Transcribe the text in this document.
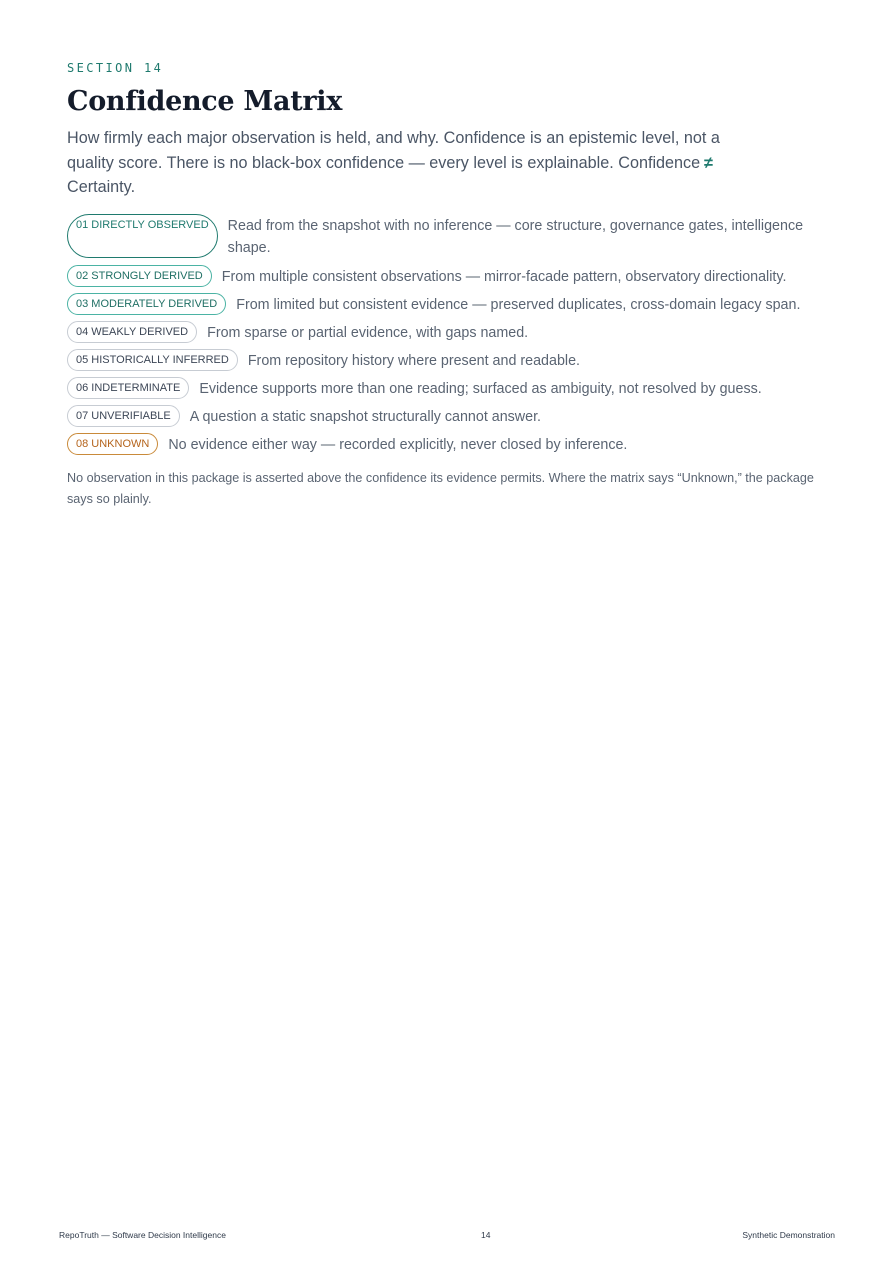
SECTION 14
Confidence Matrix

How firmly each major observation is held, and why. Confidence is an epistemic level, not a quality score. There is no black-box confidence — every level is explainable. Confidence ≠
Certainty.

01 DIRECTLY OBSERVED	Read from the snapshot with no inference — core structure, governance gates, intelligence shape.
02 STRONGLY DERIVED	From multiple consistent observations — mirror-facade pattern, observatory directionality.
03 MODERATELY DERIVED	From limited but consistent evidence — preserved duplicates, cross-domain legacy span.
04 WEAKLY DERIVED	From sparse or partial evidence, with gaps named.
05 HISTORICALLY INFERRED	From repository history where present and readable.
06 INDETERMINATE	Evidence supports more than one reading; surfaced as ambiguity, not resolved by guess.
07 UNVERIFIABLE	A question a static snapshot structurally cannot answer.
08 UNKNOWN	No evidence either way — recorded explicitly, never closed by inference.

No observation in this package is asserted above the confidence its evidence permits. Where the matrix says “Unknown,” the package says so plainly.

RepoTruth — Software Decision Intelligence	14	Synthetic Demonstration
